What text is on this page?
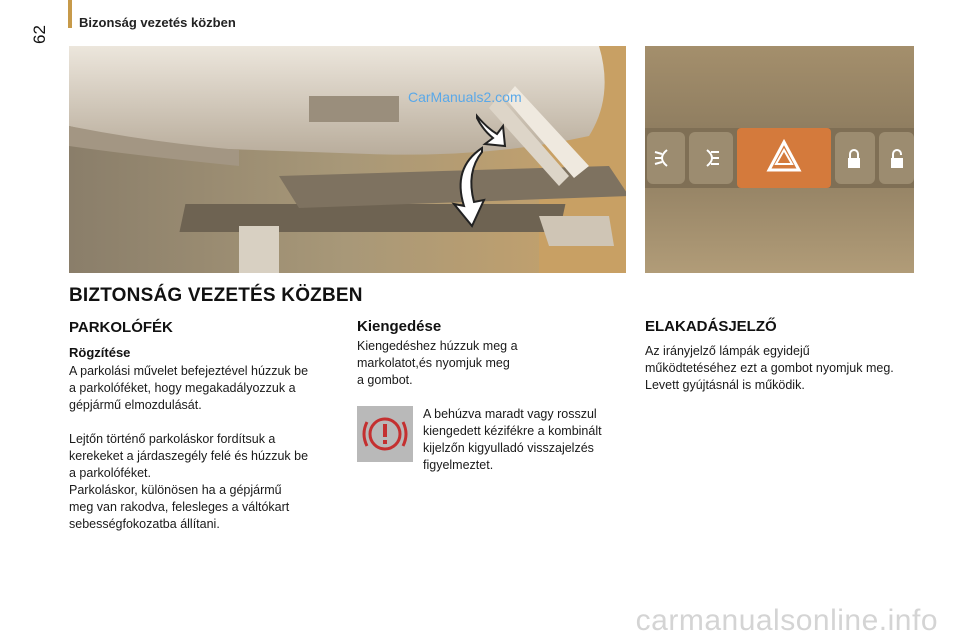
62
Bizonság vezetés közben
CarManuals2.com
BIZTONSÁG VEZETÉS KÖZBEN
PARKOLÓFÉK
Rögzítése
A parkolási művelet befejeztével húzzuk be
a parkolóféket, hogy megakadályozzuk a
gépjármű elmozdulását.
Lejtőn történő parkoláskor fordítsuk a
kerekeket a járdaszegély felé és húzzuk be
a parkolóféket.
Parkoláskor, különösen ha a gépjármű
meg van rakodva, felesleges a váltókart
sebességfokozatba állítani.
Kiengedése
Kiengedéshez húzzuk meg a
markolatot,és nyomjuk meg
a gombot.
A behúzva maradt vagy rosszul
kiengedett kézifékre a kombinált
kijelzőn kigyulladó visszajelzés
figyelmeztet.
ELAKADÁSJELZŐ
Az irányjelző lámpák egyidejű
működtetéséhez ezt a gombot nyomjuk meg.
Levett gyújtásnál is működik.
carmanualsonline.info
